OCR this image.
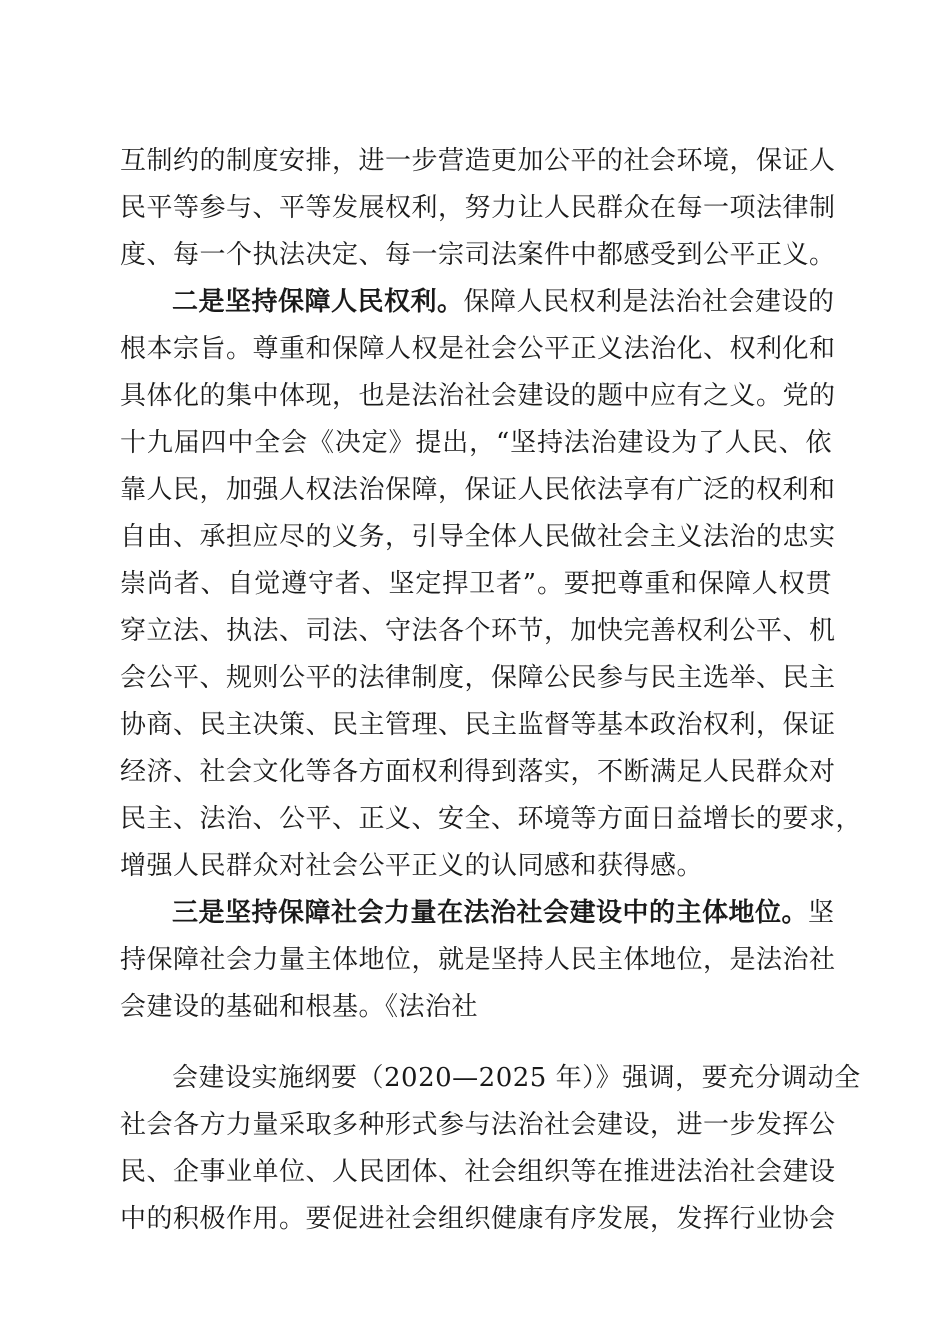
互制约的制度安排，进一步营造更加公平的社会环境，保证人
民平等参与、平等发展权利，努力让人民群众在每一项法律制
度、每一个执法决定、每一宗司法案件中都感受到公平正义。
二是坚持保障人民权利。保障人民权利是法治社会建设的
根本宗旨。尊重和保障人权是社会公平正义法治化、权利化和
具体化的集中体现，也是法治社会建设的题中应有之义。党的
十九届四中全会《决定》提出，“坚持法治建设为了人民、依
靠人民，加强人权法治保障，保证人民依法享有广泛的权利和
自由、承担应尽的义务，引导全体人民做社会主义法治的忠实
崇尚者、自觉遵守者、坚定捍卫者”。要把尊重和保障人权贯
穿立法、执法、司法、守法各个环节，加快完善权利公平、机
会公平、规则公平的法律制度，保障公民参与民主选举、民主
协商、民主决策、民主管理、民主监督等基本政治权利，保证
经济、社会文化等各方面权利得到落实，不断满足人民群众对
民主、法治、公平、正义、安全、环境等方面日益增长的要求，
增强人民群众对社会公平正义的认同感和获得感。
三是坚持保障社会力量在法治社会建设中的主体地位。坚
持保障社会力量主体地位，就是坚持人民主体地位，是法治社
会建设的基础和根基。《法治社
会建设实施纲要（2020—2025 年）》强调，要充分调动全
社会各方力量采取多种形式参与法治社会建设，进一步发挥公
民、企事业单位、人民团体、社会组织等在推进法治社会建设
中的积极作用。要促进社会组织健康有序发展，发挥行业协会
